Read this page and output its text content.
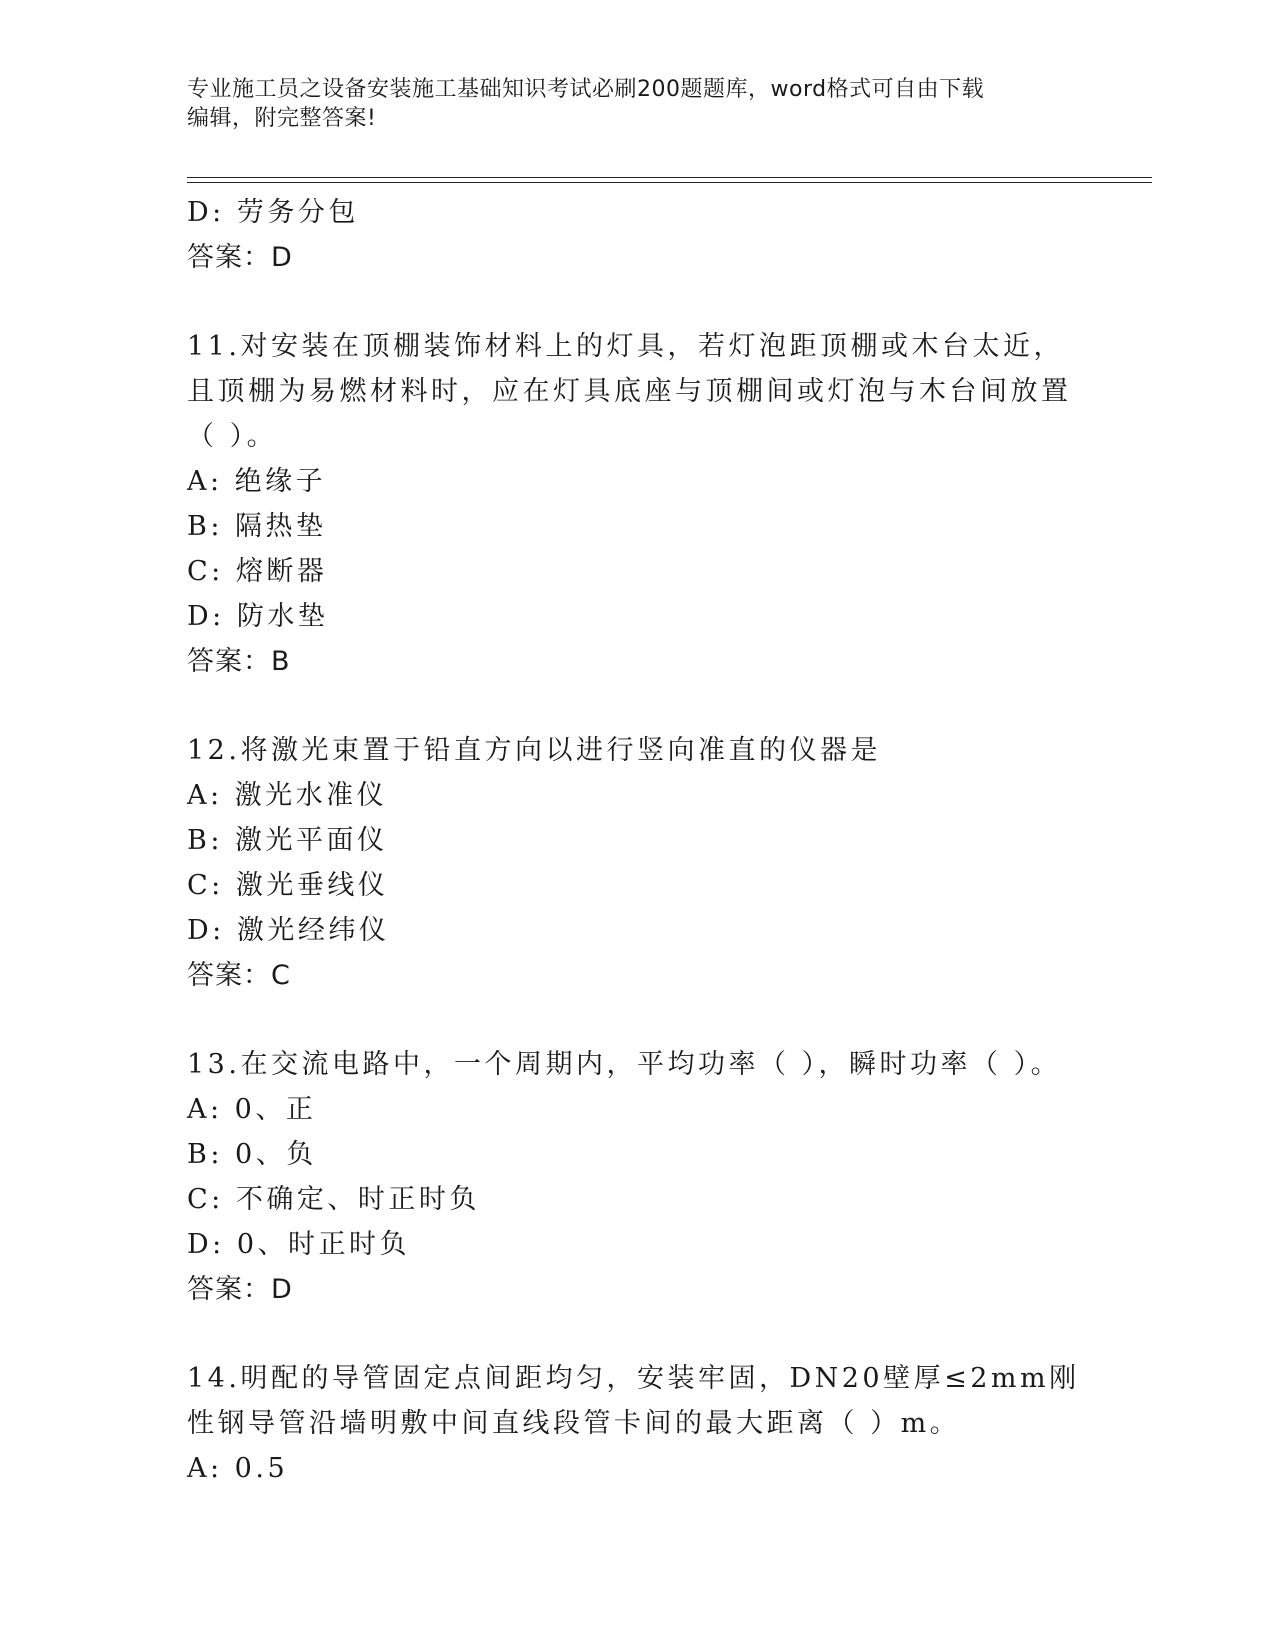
专业施工员之设备安装施工基础知识考试必刷200题题库，word格式可自由下载
编辑，附完整答案!
D: 劳务分包
答案：D
11.对安装在顶棚装饰材料上的灯具，若灯泡距顶棚或木台太近，且顶棚为易燃材料时，应在灯具底座与顶棚间或灯泡与木台间放置（ ）。
A: 绝缘子
B: 隔热垫
C: 熔断器
D: 防水垫
答案：B
12.将激光束置于铅直方向以进行竖向准直的仪器是
A: 激光水准仪
B: 激光平面仪
C: 激光垂线仪
D: 激光经纬仪
答案：C
13.在交流电路中，一个周期内，平均功率（ ），瞬时功率（ ）。
A: 0、正
B: 0、负
C: 不确定、时正时负
D: 0、时正时负
答案：D
14.明配的导管固定点间距均匀，安装牢固，DN20壁厚≤2mm刚性钢导管沿墙明敷中间直线段管卡间的最大距离（ ）m。
A: 0.5
